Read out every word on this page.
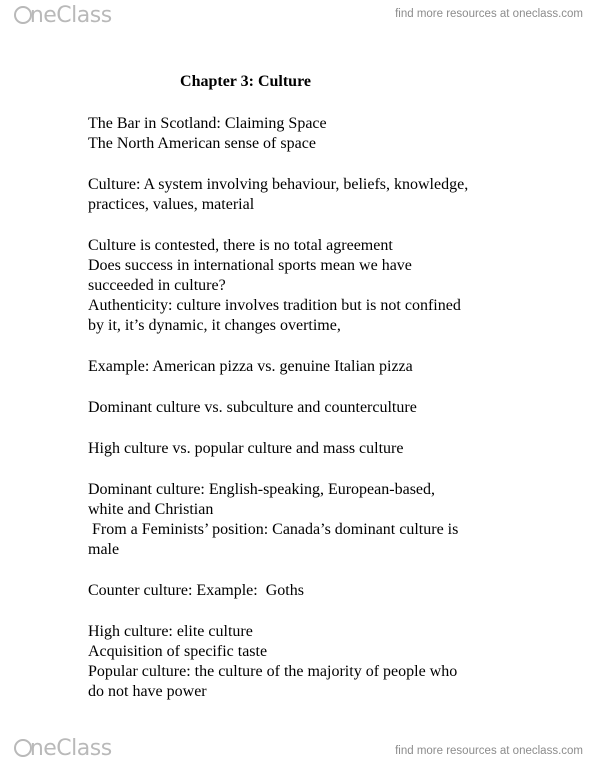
neClass	find more resources at oneclass.com
Chapter 3: Culture
The Bar in Scotland: Claiming Space
The North American sense of space
Culture: A system involving behaviour, beliefs, knowledge,
practices, values, material
Culture is contested, there is no total agreement
Does success in international sports mean we have
succeeded in culture?
Authenticity: culture involves tradition but is not confined
by it, it’s dynamic, it changes overtime,
Example: American pizza vs. genuine Italian pizza
Dominant culture vs. subculture and counterculture
High culture vs. popular culture and mass culture
Dominant culture: English-speaking, European-based,
white and Christian
From a Feminists’ position: Canada’s dominant culture is
male
Counter culture: Example:  Goths
High culture: elite culture
Acquisition of specific taste
Popular culture: the culture of the majority of people who
do not have power
neClass	find more resources at oneclass.com
